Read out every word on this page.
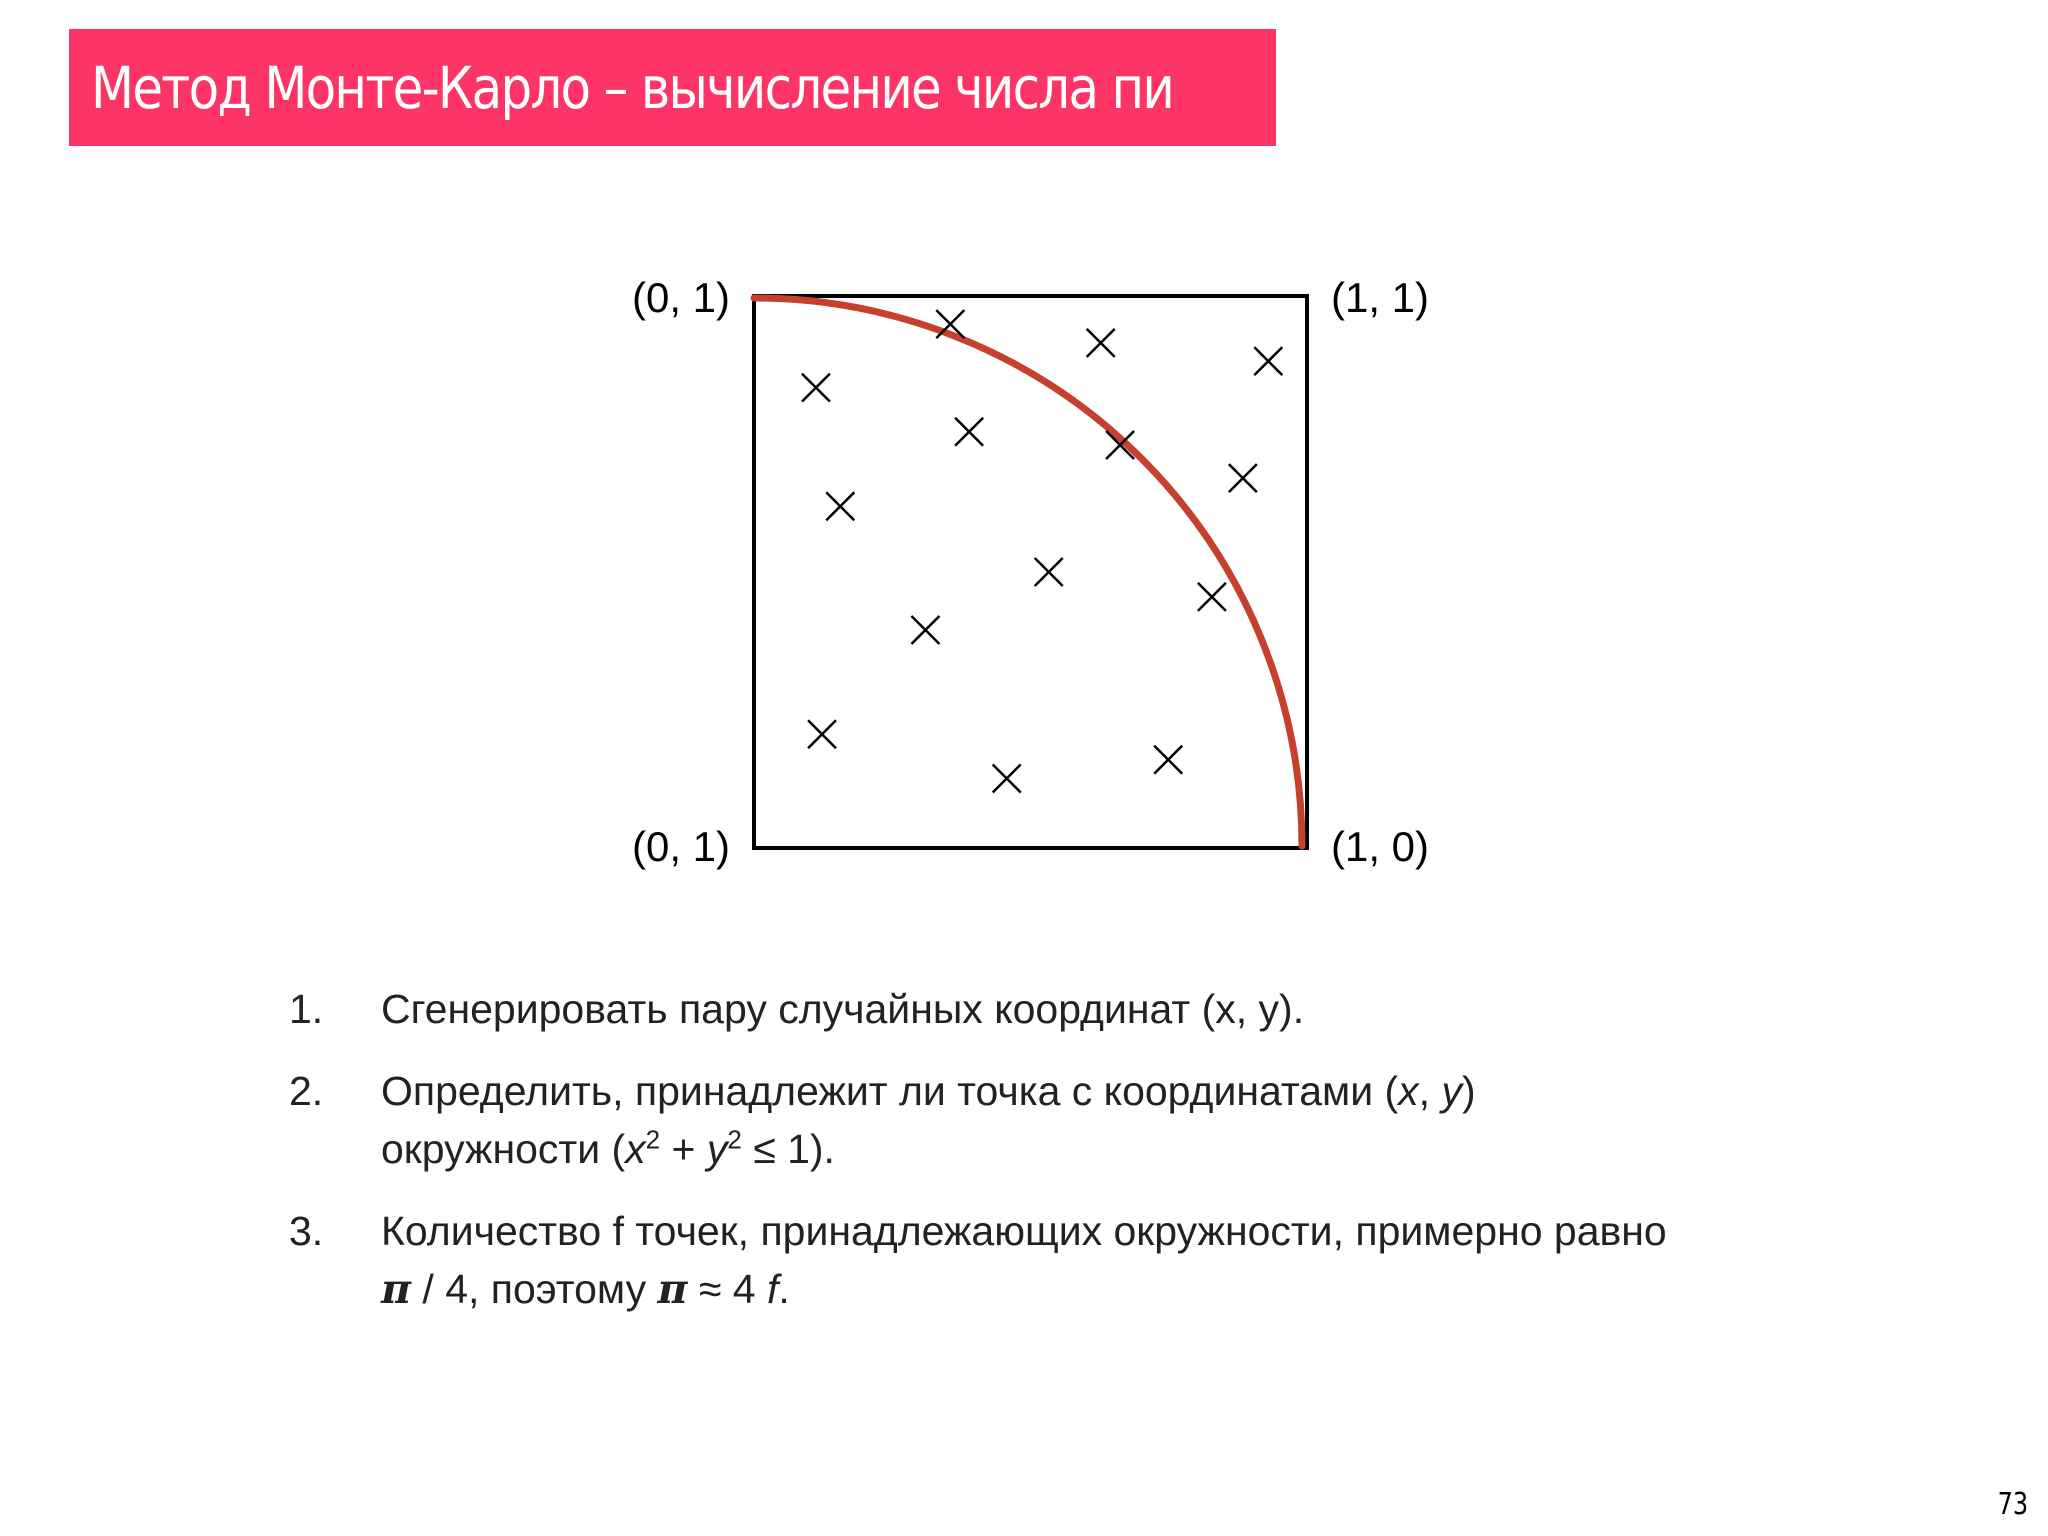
Метод Монте-Карло – вычисление числа пи
(0, 1)	(1, 1)
(0, 1)	(1, 0)
1. Сгенерировать пару случайных координат (x, y).
2. Определить, принадлежит ли точка с координатами (x, y)
окружности $(x^2 + y^2 \le 1)$.
3. Количество f точек, принадлежающих окружности, примерно равно
π / 4, поэтому π ≈ 4 f.
73
